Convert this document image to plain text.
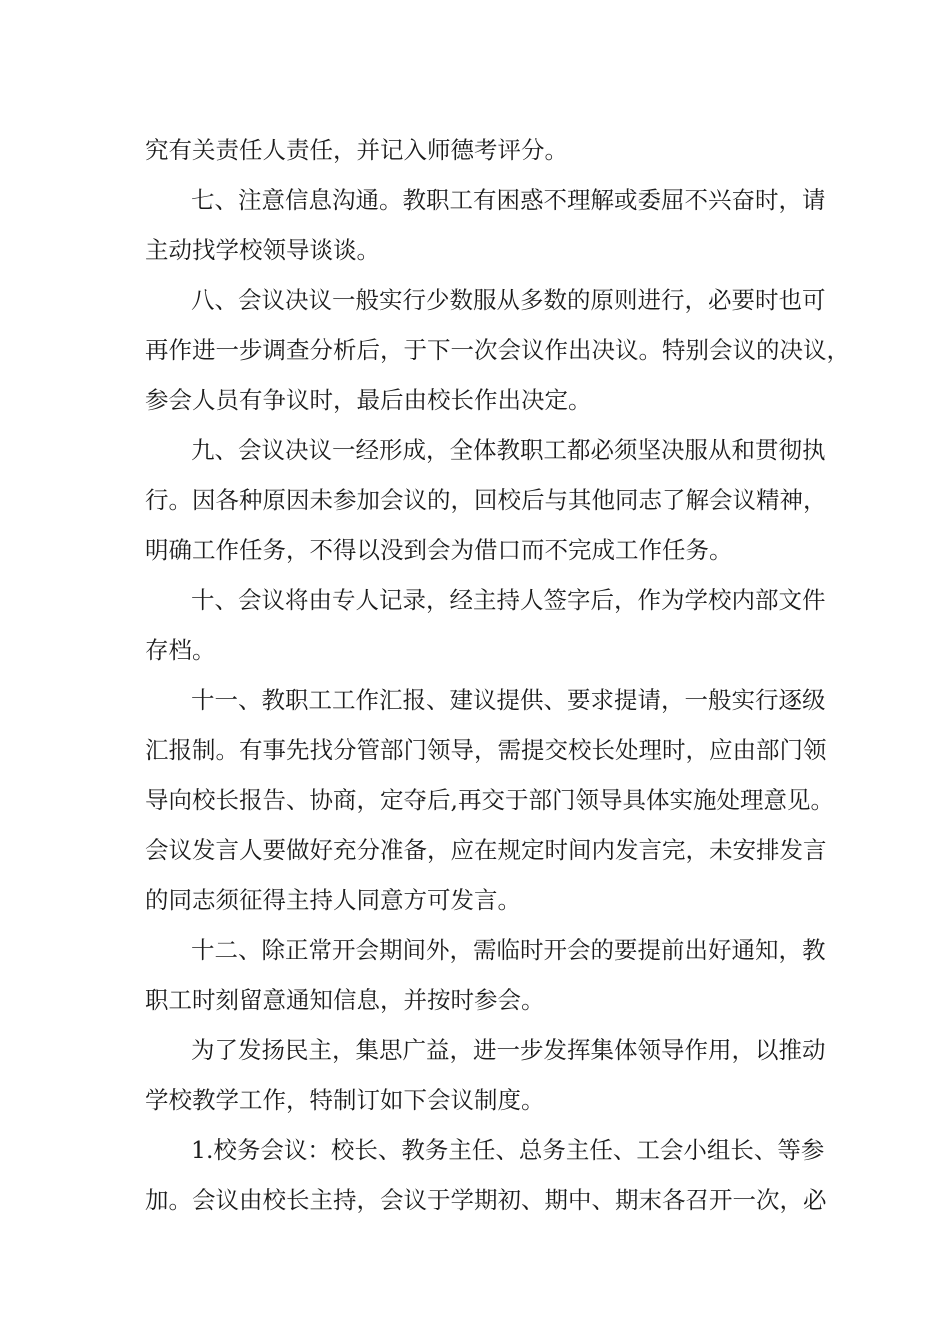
究有关责任人责任，并记入师德考评分。
七、注意信息沟通。教职工有困惑不理解或委屈不兴奋时，请
主动找学校领导谈谈。
八、会议决议一般实行少数服从多数的原则进行，必要时也可
再作进一步调查分析后，于下一次会议作出决议。特别会议的决议，
参会人员有争议时，最后由校长作出决定。
九、会议决议一经形成，全体教职工都必须坚决服从和贯彻执
行。因各种原因未参加会议的，回校后与其他同志了解会议精神，
明确工作任务，不得以没到会为借口而不完成工作任务。
十、会议将由专人记录，经主持人签字后，作为学校内部文件
存档。
十一、教职工工作汇报、建议提供、要求提请，一般实行逐级
汇报制。有事先找分管部门领导，需提交校长处理时，应由部门领
导向校长报告、协商，定夺后,再交于部门领导具体实施处理意见。
会议发言人要做好充分准备，应在规定时间内发言完，未安排发言
的同志须征得主持人同意方可发言。
十二、除正常开会期间外，需临时开会的要提前出好通知，教
职工时刻留意通知信息，并按时参会。
为了发扬民主，集思广益，进一步发挥集体领导作用，以推动
学校教学工作，特制订如下会议制度。
1.校务会议：校长、教务主任、总务主任、工会小组长、等参
加。会议由校长主持，会议于学期初、期中、期末各召开一次，必
